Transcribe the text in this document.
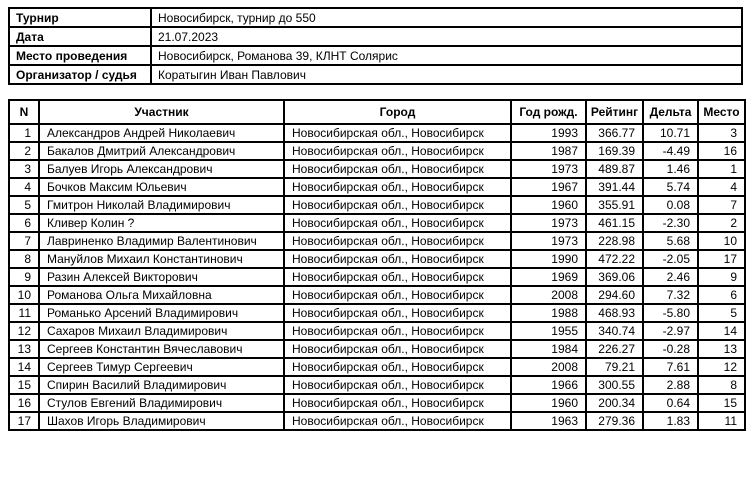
Турнир	Новосибирск, турнир до 550
Дата	21.07.2023
Место проведения	Новосибирск, Романова 39, КЛНТ Солярис
Организатор / судья	Коратыгин Иван Павлович
N	Участник	Город	Год рожд.	Рейтинг	Дельта	Место
1	Александров Андрей Николаевич	Новосибирская обл., Новосибирск	1993	366.77	10.71	3
2	Бакалов Дмитрий Александрович	Новосибирская обл., Новосибирск	1987	169.39	-4.49	16
3	Балуев Игорь Александрович	Новосибирская обл., Новосибирск	1973	489.87	1.46	1
4	Бочков Максим Юльевич	Новосибирская обл., Новосибирск	1967	391.44	5.74	4
5	Гмитрон Николай Владимирович	Новосибирская обл., Новосибирск	1960	355.91	0.08	7
6	Кливер Колин ?	Новосибирская обл., Новосибирск	1973	461.15	-2.30	2
7	Лавриненко Владимир Валентинович	Новосибирская обл., Новосибирск	1973	228.98	5.68	10
8	Мануйлов Михаил Константинович	Новосибирская обл., Новосибирск	1990	472.22	-2.05	17
9	Разин Алексей Викторович	Новосибирская обл., Новосибирск	1969	369.06	2.46	9
10	Романова Ольга Михайловна	Новосибирская обл., Новосибирск	2008	294.60	7.32	6
11	Романько Арсений Владимирович	Новосибирская обл., Новосибирск	1988	468.93	-5.80	5
12	Сахаров Михаил Владимирович	Новосибирская обл., Новосибирск	1955	340.74	-2.97	14
13	Сергеев Константин Вячеславович	Новосибирская обл., Новосибирск	1984	226.27	-0.28	13
14	Сергеев Тимур Сергеевич	Новосибирская обл., Новосибирск	2008	79.21	7.61	12
15	Спирин Василий Владимирович	Новосибирская обл., Новосибирск	1966	300.55	2.88	8
16	Стулов Евгений Владимирович	Новосибирская обл., Новосибирск	1960	200.34	0.64	15
17	Шахов Игорь Владимирович	Новосибирская обл., Новосибирск	1963	279.36	1.83	11
